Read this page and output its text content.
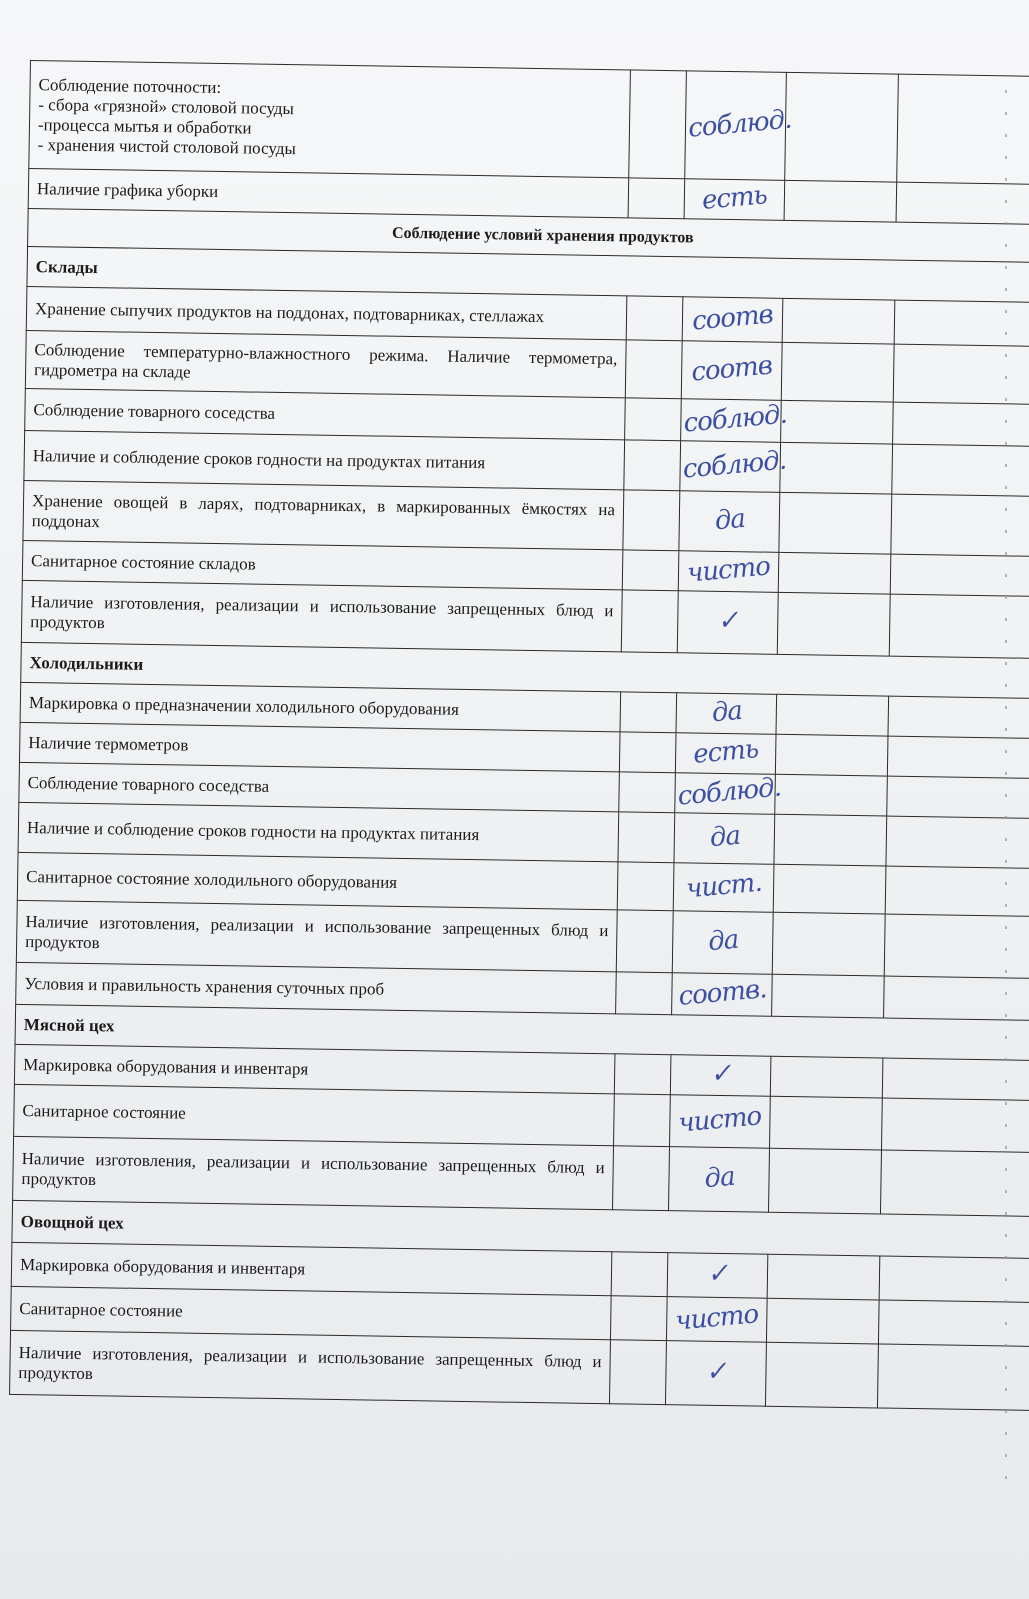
Соблюдение поточности:
- сбора «грязной» столовой посуды
-процесса мытья и обработки
- хранения чистой столовой посуды		соблюд.		
Наличие графика уборки		есть		
Соблюдение условий хранения продуктов				
Склады				
Хранение сыпучих продуктов на поддонах, подтоварниках, стеллажах		соотв		
Соблюдение температурно-влажностного режима. Наличие термометра, гидрометра на складе		соотв		
Соблюдение товарного соседства		соблюд.		
Наличие и соблюдение сроков годности на продуктах питания		соблюд.		
Хранение овощей в ларях, подтоварниках, в маркированных ёмкостях на поддонах		да		
Санитарное состояние складов		чисто		
Наличие изготовления, реализации и использование запрещенных блюд и продуктов		✓		
Холодильники				
Маркировка о предназначении холодильного оборудования		да		
Наличие термометров		есть		
Соблюдение товарного соседства		соблюд.		
Наличие и соблюдение сроков годности на продуктах питания		да		
Санитарное состояние холодильного оборудования		чист.		
Наличие изготовления, реализации и использование запрещенных блюд и продуктов		да		
Условия и правильность хранения суточных проб		соотв.		
Мясной цех				
Маркировка оборудования и инвентаря		✓		
Санитарное состояние		чисто		
Наличие изготовления, реализации и использование запрещенных блюд и продуктов		да		
Овощной цех				
Маркировка оборудования и инвентаря		✓		
Санитарное состояние		чисто		
Наличие изготовления, реализации и использование запрещенных блюд и продуктов		✓		
